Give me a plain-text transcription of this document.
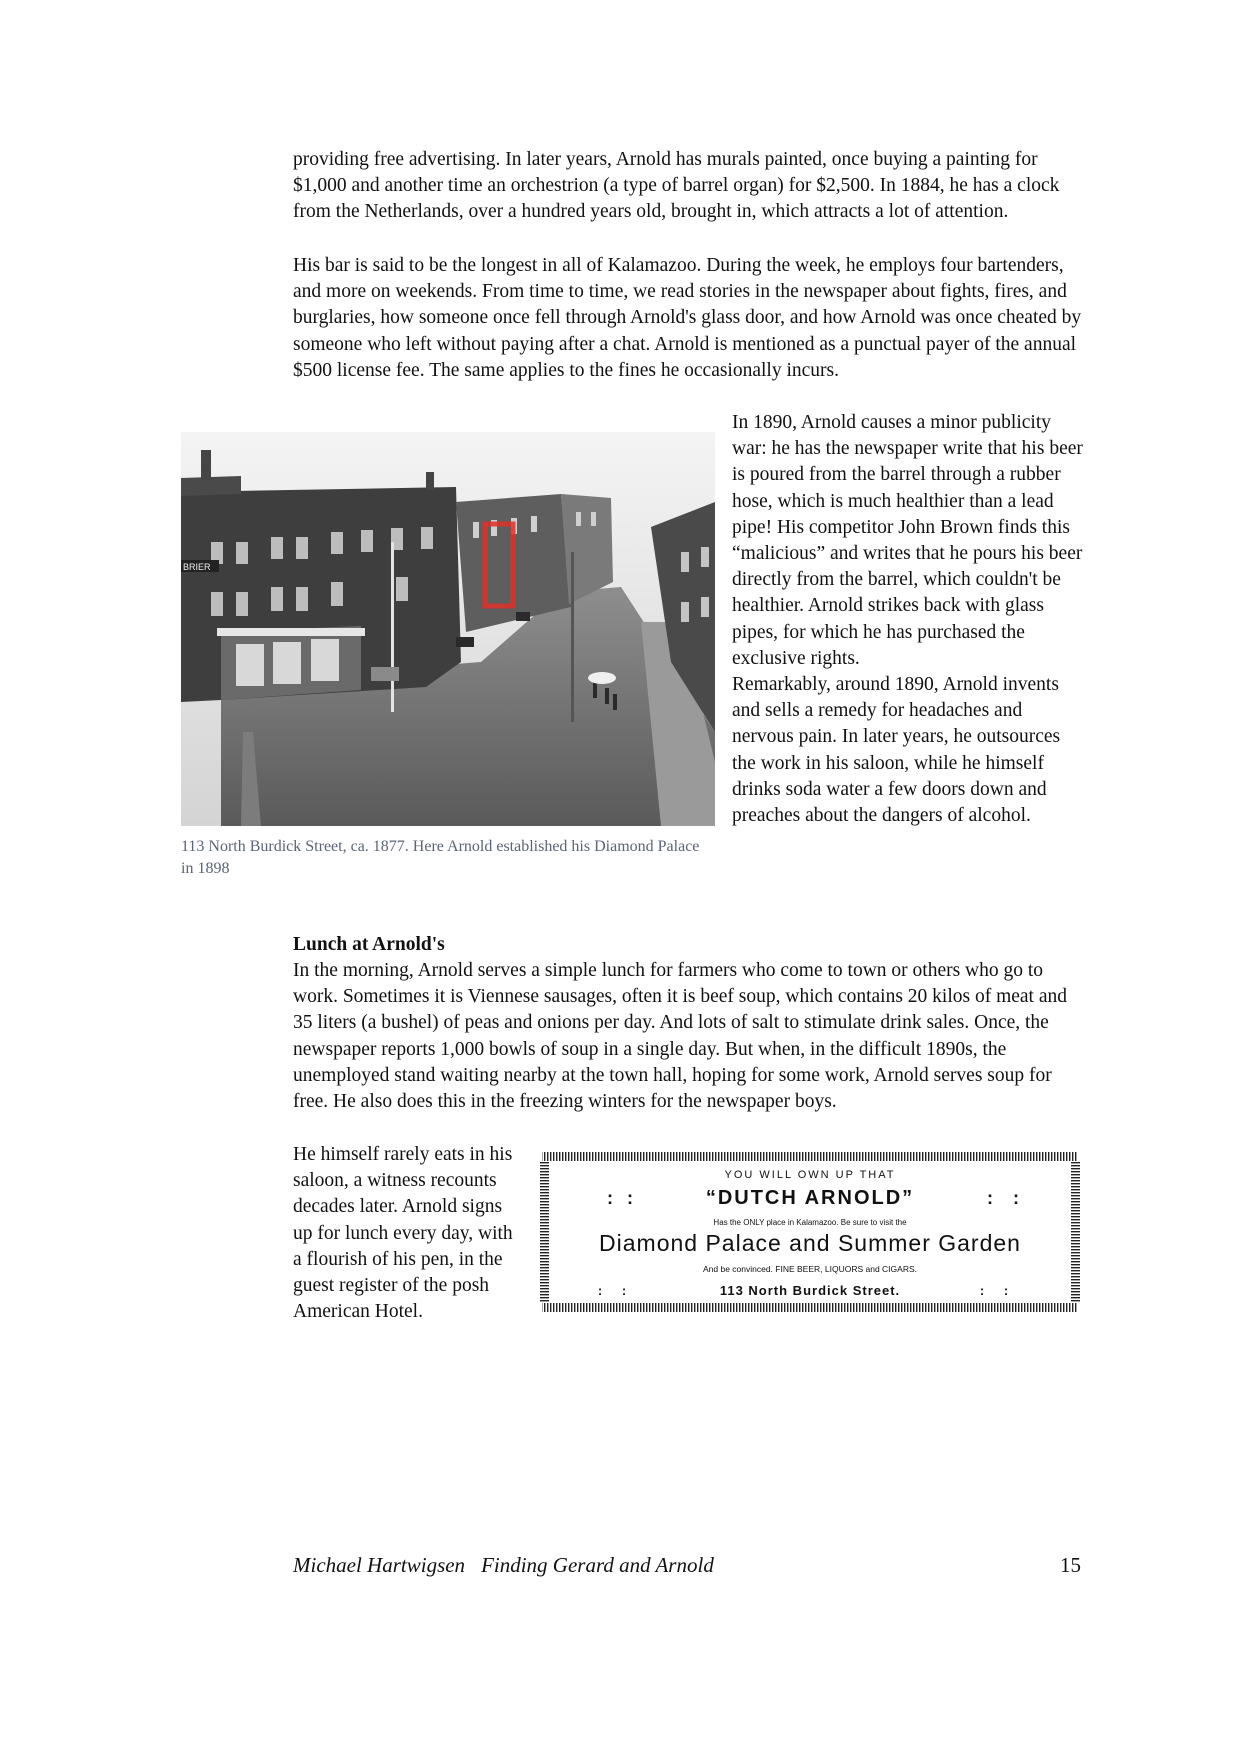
providing free advertising. In later years, Arnold has murals painted, once buying a painting for $1,000 and another time an orchestrion (a type of barrel organ) for $2,500. In 1884, he has a clock from the Netherlands, over a hundred years old, brought in, which attracts a lot of attention.

His bar is said to be the longest in all of Kalamazoo. During the week, he employs four bartenders, and more on weekends. From time to time, we read stories in the newspaper about fights, fires, and burglaries, how someone once fell through Arnold's glass door, and how Arnold was once cheated by someone who left without paying after a chat. Arnold is mentioned as a punctual payer of the annual $500 license fee. The same applies to the fines he occasionally incurs.

BRIER

113 North Burdick Street, ca. 1877. Here Arnold established his Diamond Palace in 1898

In 1890, Arnold causes a minor publicity war: he has the newspaper write that his beer is poured from the barrel through a rubber hose, which is much healthier than a lead pipe! His competitor John Brown finds this “malicious” and writes that he pours his beer directly from the barrel, which couldn't be healthier. Arnold strikes back with glass pipes, for which he has purchased the exclusive rights.

Remarkably, around 1890, Arnold invents and sells a remedy for headaches and nervous pain. In later years, he outsources the work in his saloon, while he himself drinks soda water a few doors down and preaches about the dangers of alcohol.

Lunch at Arnold's

In the morning, Arnold serves a simple lunch for farmers who come to town or others who go to work. Sometimes it is Viennese sausages, often it is beef soup, which contains 20 kilos of meat and 35 liters (a bushel) of peas and onions per day. And lots of salt to stimulate drink sales. Once, the newspaper reports 1,000 bowls of soup in a single day. But when, in the difficult 1890s, the unemployed stand waiting nearby at the town hall, hoping for some work, Arnold serves soup for free. He also does this in the freezing winters for the newspaper boys.

He himself rarely eats in his saloon, a witness recounts decades later. Arnold signs up for lunch every day, with a flourish of his pen, in the guest register of the posh American Hotel.

YOU WILL OWN UP THAT
“DUTCH ARNOLD”
: :	: :
Has the ONLY place in Kalamazoo. Be sure to visit the
Diamond Palace and Summer Garden
And be convinced. FINE BEER, LIQUORS and CIGARS.
113 North Burdick Street.
: :	: :

Michael Hartwigsen Finding Gerard and Arnold	15
